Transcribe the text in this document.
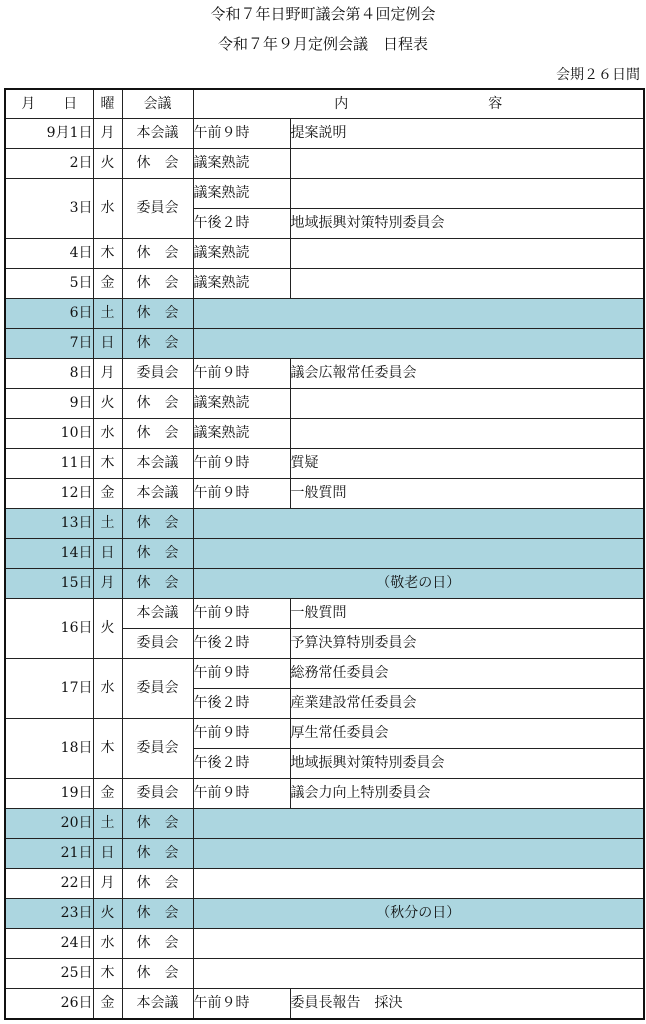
令和７年日野町議会第４回定例会
令和７年９月定例会議　日程表
会期２６日間
月　　日	曜	会議	内　　　　　　　　　　容	
9月1日	月	本会議	午前９時	提案説明
2日	火	休　会	議案熟読	
3日	水	委員会	議案熟読	
			午後２時	地域振興対策特別委員会
4日	木	休　会	議案熟読	
5日	金	休　会	議案熟読	
6日	土	休　会		
7日	日	休　会		
8日	月	委員会	午前９時	議会広報常任委員会
9日	火	休　会	議案熟読	
10日	水	休　会	議案熟読	
11日	木	本会議	午前９時	質疑
12日	金	本会議	午前９時	一般質問
13日	土	休　会		
14日	日	休　会		
15日	月	休　会	（敬老の日）	
16日	火	本会議	午前９時	一般質問
		委員会	午後２時	予算決算特別委員会
17日	水	委員会	午前９時	総務常任委員会
			午後２時	産業建設常任委員会
18日	木	委員会	午前９時	厚生常任委員会
			午後２時	地域振興対策特別委員会
19日	金	委員会	午前９時	議会力向上特別委員会
20日	土	休　会		
21日	日	休　会		
22日	月	休　会		
23日	火	休　会	（秋分の日）	
24日	水	休　会		
25日	木	休　会		
26日	金	本会議	午前９時	委員長報告　採決
